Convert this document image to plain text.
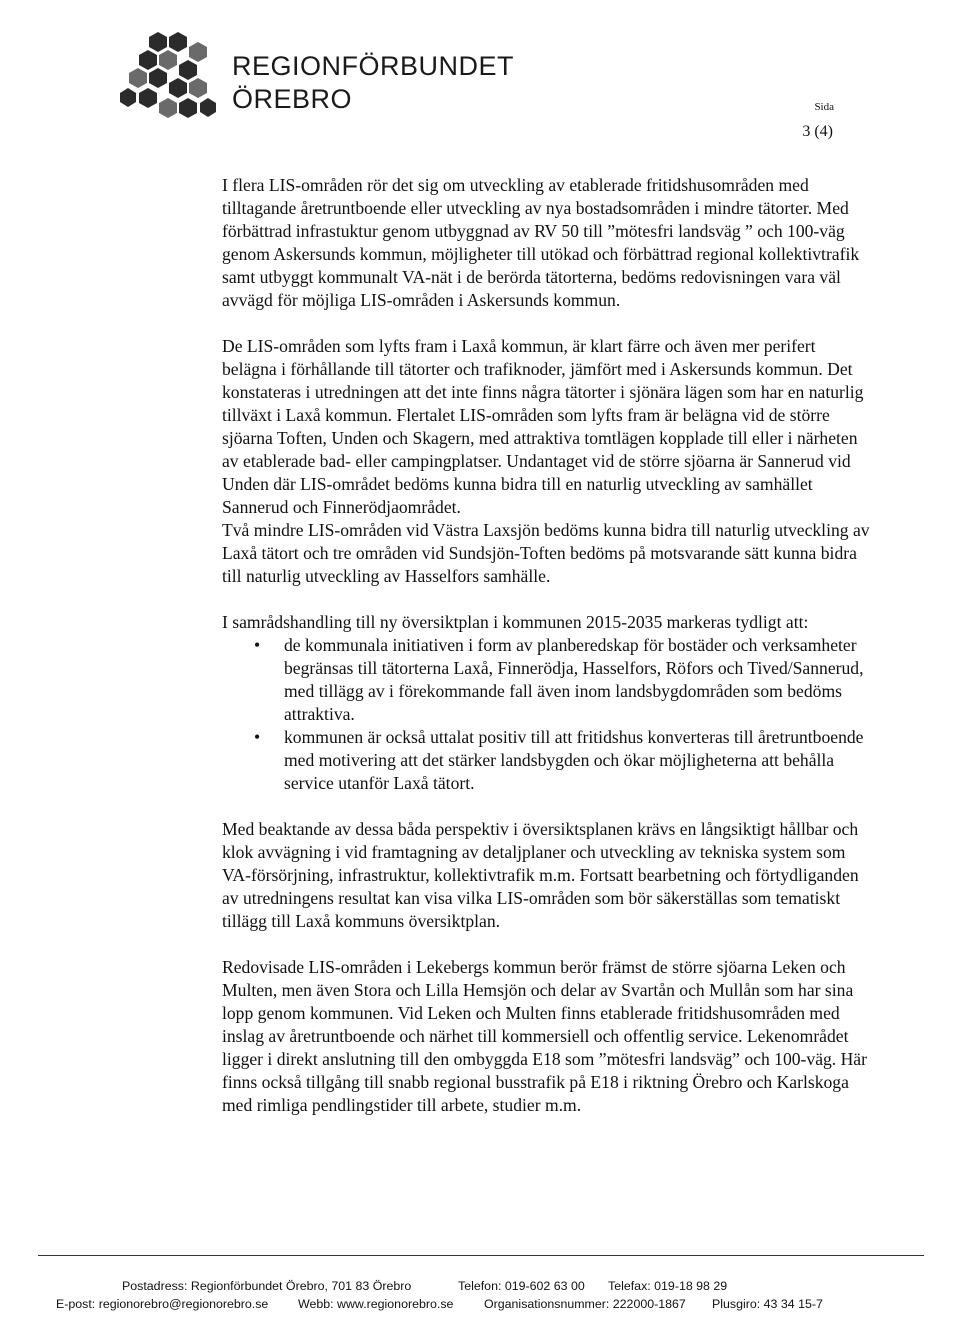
REGIONFÖRBUNDET
ÖREBRO	Sida
3 (4)

I flera LIS-områden rör det sig om utveckling av etablerade fritidshusområden med tilltagande åretruntboende eller utveckling av nya bostadsområden i mindre tätorter. Med förbättrad infrastuktur genom utbyggnad av RV 50 till ”mötesfri landsväg ” och 100-väg genom Askersunds kommun, möjligheter till utökad och förbättrad regional kollektivtrafik samt utbyggt kommunalt VA-nät i de berörda tätorterna, bedöms redovisningen vara väl avvägd för möjliga LIS-områden i Askersunds kommun.

De LIS-områden som lyfts fram i Laxå kommun, är klart färre och även mer perifert belägna i förhållande till tätorter och trafiknoder, jämfört med i Askersunds kommun. Det konstateras i utredningen att det inte finns några tätorter i sjönära lägen som har en naturlig tillväxt i Laxå kommun. Flertalet LIS-områden som lyfts fram är belägna vid de större sjöarna Toften, Unden och Skagern, med attraktiva tomtlägen kopplade till eller i närheten av etablerade bad- eller campingplatser. Undantaget vid de större sjöarna är Sannerud vid Unden där LIS-området bedöms kunna bidra till en naturlig utveckling av samhället Sannerud och Finnerödjaområdet.

Två mindre LIS-områden vid Västra Laxsjön bedöms kunna bidra till naturlig utveckling av Laxå tätort och tre områden vid Sundsjön-Toften bedöms på motsvarande sätt kunna bidra till naturlig utveckling av Hasselfors samhälle.

I samrådshandling till ny översiktplan i kommunen 2015-2035 markeras tydligt att:

• de kommunala initiativen i form av planberedskap för bostäder och verksamheter begränsas till tätorterna Laxå, Finnerödja, Hasselfors, Röfors och Tived/Sannerud, med tillägg av i förekommande fall även inom landsbygdområden som bedöms attraktiva.
• kommunen är också uttalat positiv till att fritidshus konverteras till åretruntboende med motivering att det stärker landsbygden och ökar möjligheterna att behålla service utanför Laxå tätort.

Med beaktande av dessa båda perspektiv i översiktsplanen krävs en långsiktigt hållbar och klok avvägning i vid framtagning av detaljplaner och utveckling av tekniska system som VA-försörjning, infrastruktur, kollektivtrafik m.m. Fortsatt bearbetning och förtydliganden av utredningens resultat kan visa vilka LIS-områden som bör säkerställas som tematiskt tillägg till Laxå kommuns översiktplan.

Redovisade LIS-områden i Lekebergs kommun berör främst de större sjöarna Leken och Multen, men även Stora och Lilla Hemsjön och delar av Svartån och Mullån som har sina lopp genom kommunen. Vid Leken och Multen finns etablerade fritidshusområden med inslag av åretruntboende och närhet till kommersiell och offentlig service. Lekenområdet ligger i direkt anslutning till den ombyggda E18 som ”mötesfri landsväg” och 100-väg. Här finns också tillgång till snabb regional busstrafik på E18 i riktning Örebro och Karlskoga med rimliga pendlingstider till arbete, studier m.m.

Postadress: Regionförbundet Örebro, 701 83 Örebro	Telefon: 019-602 63 00 Telefax: 019-18 98 29
E-post: regionorebro@regionorebro.se Webb: www.regionorebro.se Organisationsnummer: 222000-1867 Plusgiro: 43 34 15-7
